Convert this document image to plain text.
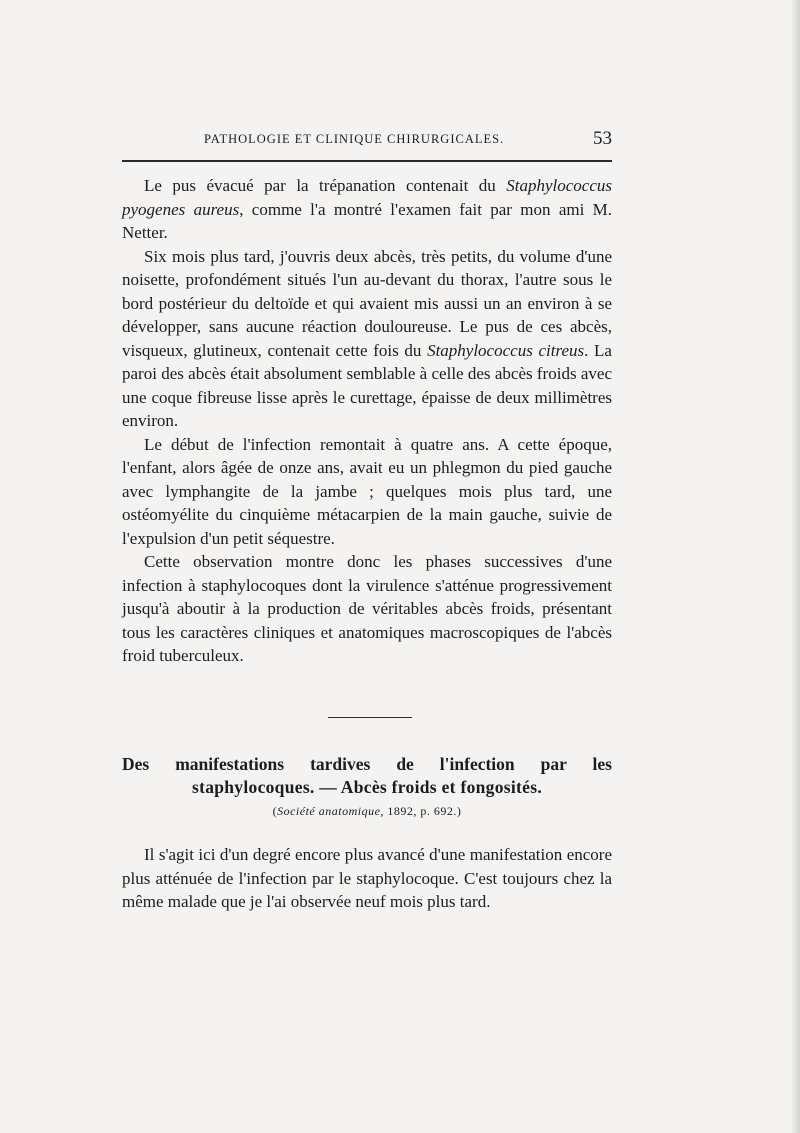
PATHOLOGIE ET CLINIQUE CHIRURGICALES.	53

Le pus évacué par la trépanation contenait du Staphylococcus pyogenes aureus, comme l'a montré l'examen fait par mon ami M. Netter.

Six mois plus tard, j'ouvris deux abcès, très petits, du volume d'une noisette, profondément situés l'un au-devant du thorax, l'autre sous le bord postérieur du deltoïde et qui avaient mis aussi un an environ à se développer, sans aucune réaction douloureuse. Le pus de ces abcès, visqueux, glutineux, contenait cette fois du Staphylococcus citreus. La paroi des abcès était absolument semblable à celle des abcès froids avec une coque fibreuse lisse après le curettage, épaisse de deux millimètres environ.

Le début de l'infection remontait à quatre ans. A cette époque, l'enfant, alors âgée de onze ans, avait eu un phlegmon du pied gauche avec lymphangite de la jambe ; quelques mois plus tard, une ostéomyélite du cinquième métacarpien de la main gauche, suivie de l'expulsion d'un petit séquestre.

Cette observation montre donc les phases successives d'une infection à staphylocoques dont la virulence s'atténue progressivement jusqu'à aboutir à la production de véritables abcès froids, présentant tous les caractères cliniques et anatomiques macroscopiques de l'abcès froid tuberculeux.

Des manifestations tardives de l'infection par les
staphylocoques. — Abcès froids et fongosités.
(Société anatomique, 1892, p. 692.)

Il s'agit ici d'un degré encore plus avancé d'une manifestation encore plus atténuée de l'infection par le staphylocoque. C'est toujours chez la même malade que je l'ai observée neuf mois plus tard.
